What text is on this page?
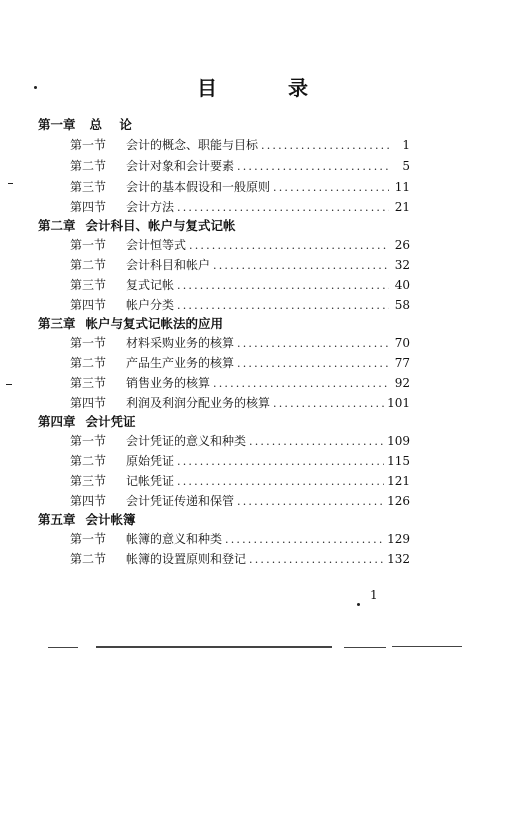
目 录
第一章 总    论
第一节	会计的概念、职能与目标 .....	1
第二节	会计对象和会计要素 .....	5
第三节	会计的基本假设和一般原则 .....	11
第四节	会计方法 .....	21
第二章 会计科目、帐户与复式记帐
第一节	会计恒等式 .....	26
第二节	会计科目和帐户 .....	32
第三节	复式记帐 .....	40
第四节	帐户分类 .....	58
第三章 帐户与复式记帐法的应用
第一节	材料采购业务的核算 .....	70
第二节	产品生产业务的核算 .....	77
第三节	销售业务的核算 .....	92
第四节	利润及利润分配业务的核算 .....	101
第四章 会计凭证
第一节	会计凭证的意义和种类 .....	109
第二节	原始凭证 .....	115
第三节	记帐凭证 .....	121
第四节	会计凭证传递和保管 .....	126
第五章 会计帐簿
第一节	帐簿的意义和种类 .....	129
第二节	帐簿的设置原则和登记 .....	132
1
